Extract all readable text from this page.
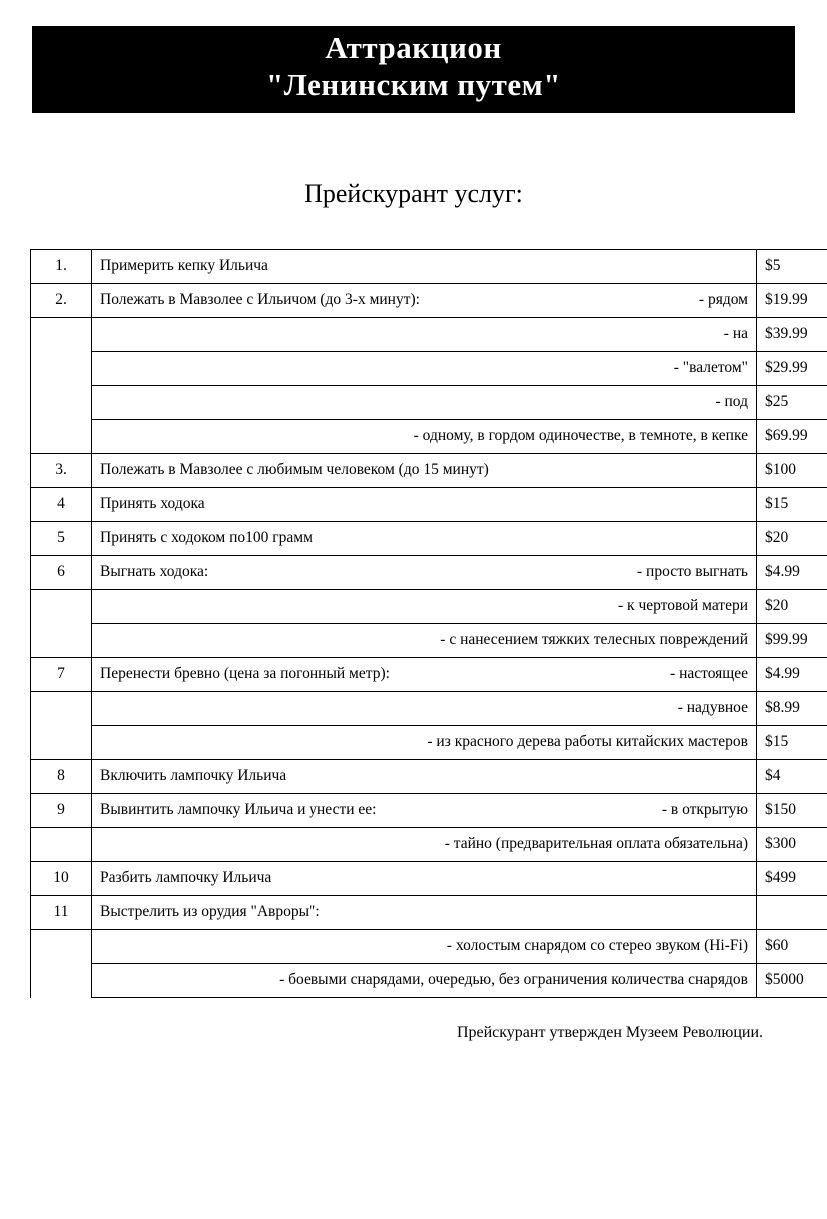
Аттракцион
"Ленинским путем"
Прейскурант услуг:
1.	Примерить кепку Ильича	$5
2.	Полежать в Мавзолее с Ильичом (до 3-х минут): - рядом	$19.99

	- на	$39.99

	- "валетом"	$29.99

	- под	$25

	- одному, в гордом одиночестве, в темноте, в кепке	$69.99
3.	Полежать в Мавзолее с любимым человеком (до 15 минут)	$100
4	Принять ходока	$15
5	Принять с ходоком по100 грамм	$20
6	Выгнать ходока: - просто выгнать	$4.99

	- к чертовой матери	$20

	- с нанесением тяжких телесных повреждений	$99.99
7	Перенести бревно (цена за погонный метр): - настоящее	$4.99

	- надувное	$8.99

	- из красного дерева работы китайских мастеров	$15
8	Включить лампочку Ильича	$4
9	Вывинтить лампочку Ильича и унести ее: - в открытую	$150

	- тайно (предварительная оплата обязательна)	$300
10	Разбить лампочку Ильича	$499
11	Выстрелить из орудия "Авроры":	

	- холостым снарядом со стерео звуком (Hi-Fi)	$60

	- боевыми снарядами, очередью, без ограничения количества снарядов	$5000
Прейскурант утвержден Музеем Революции.
